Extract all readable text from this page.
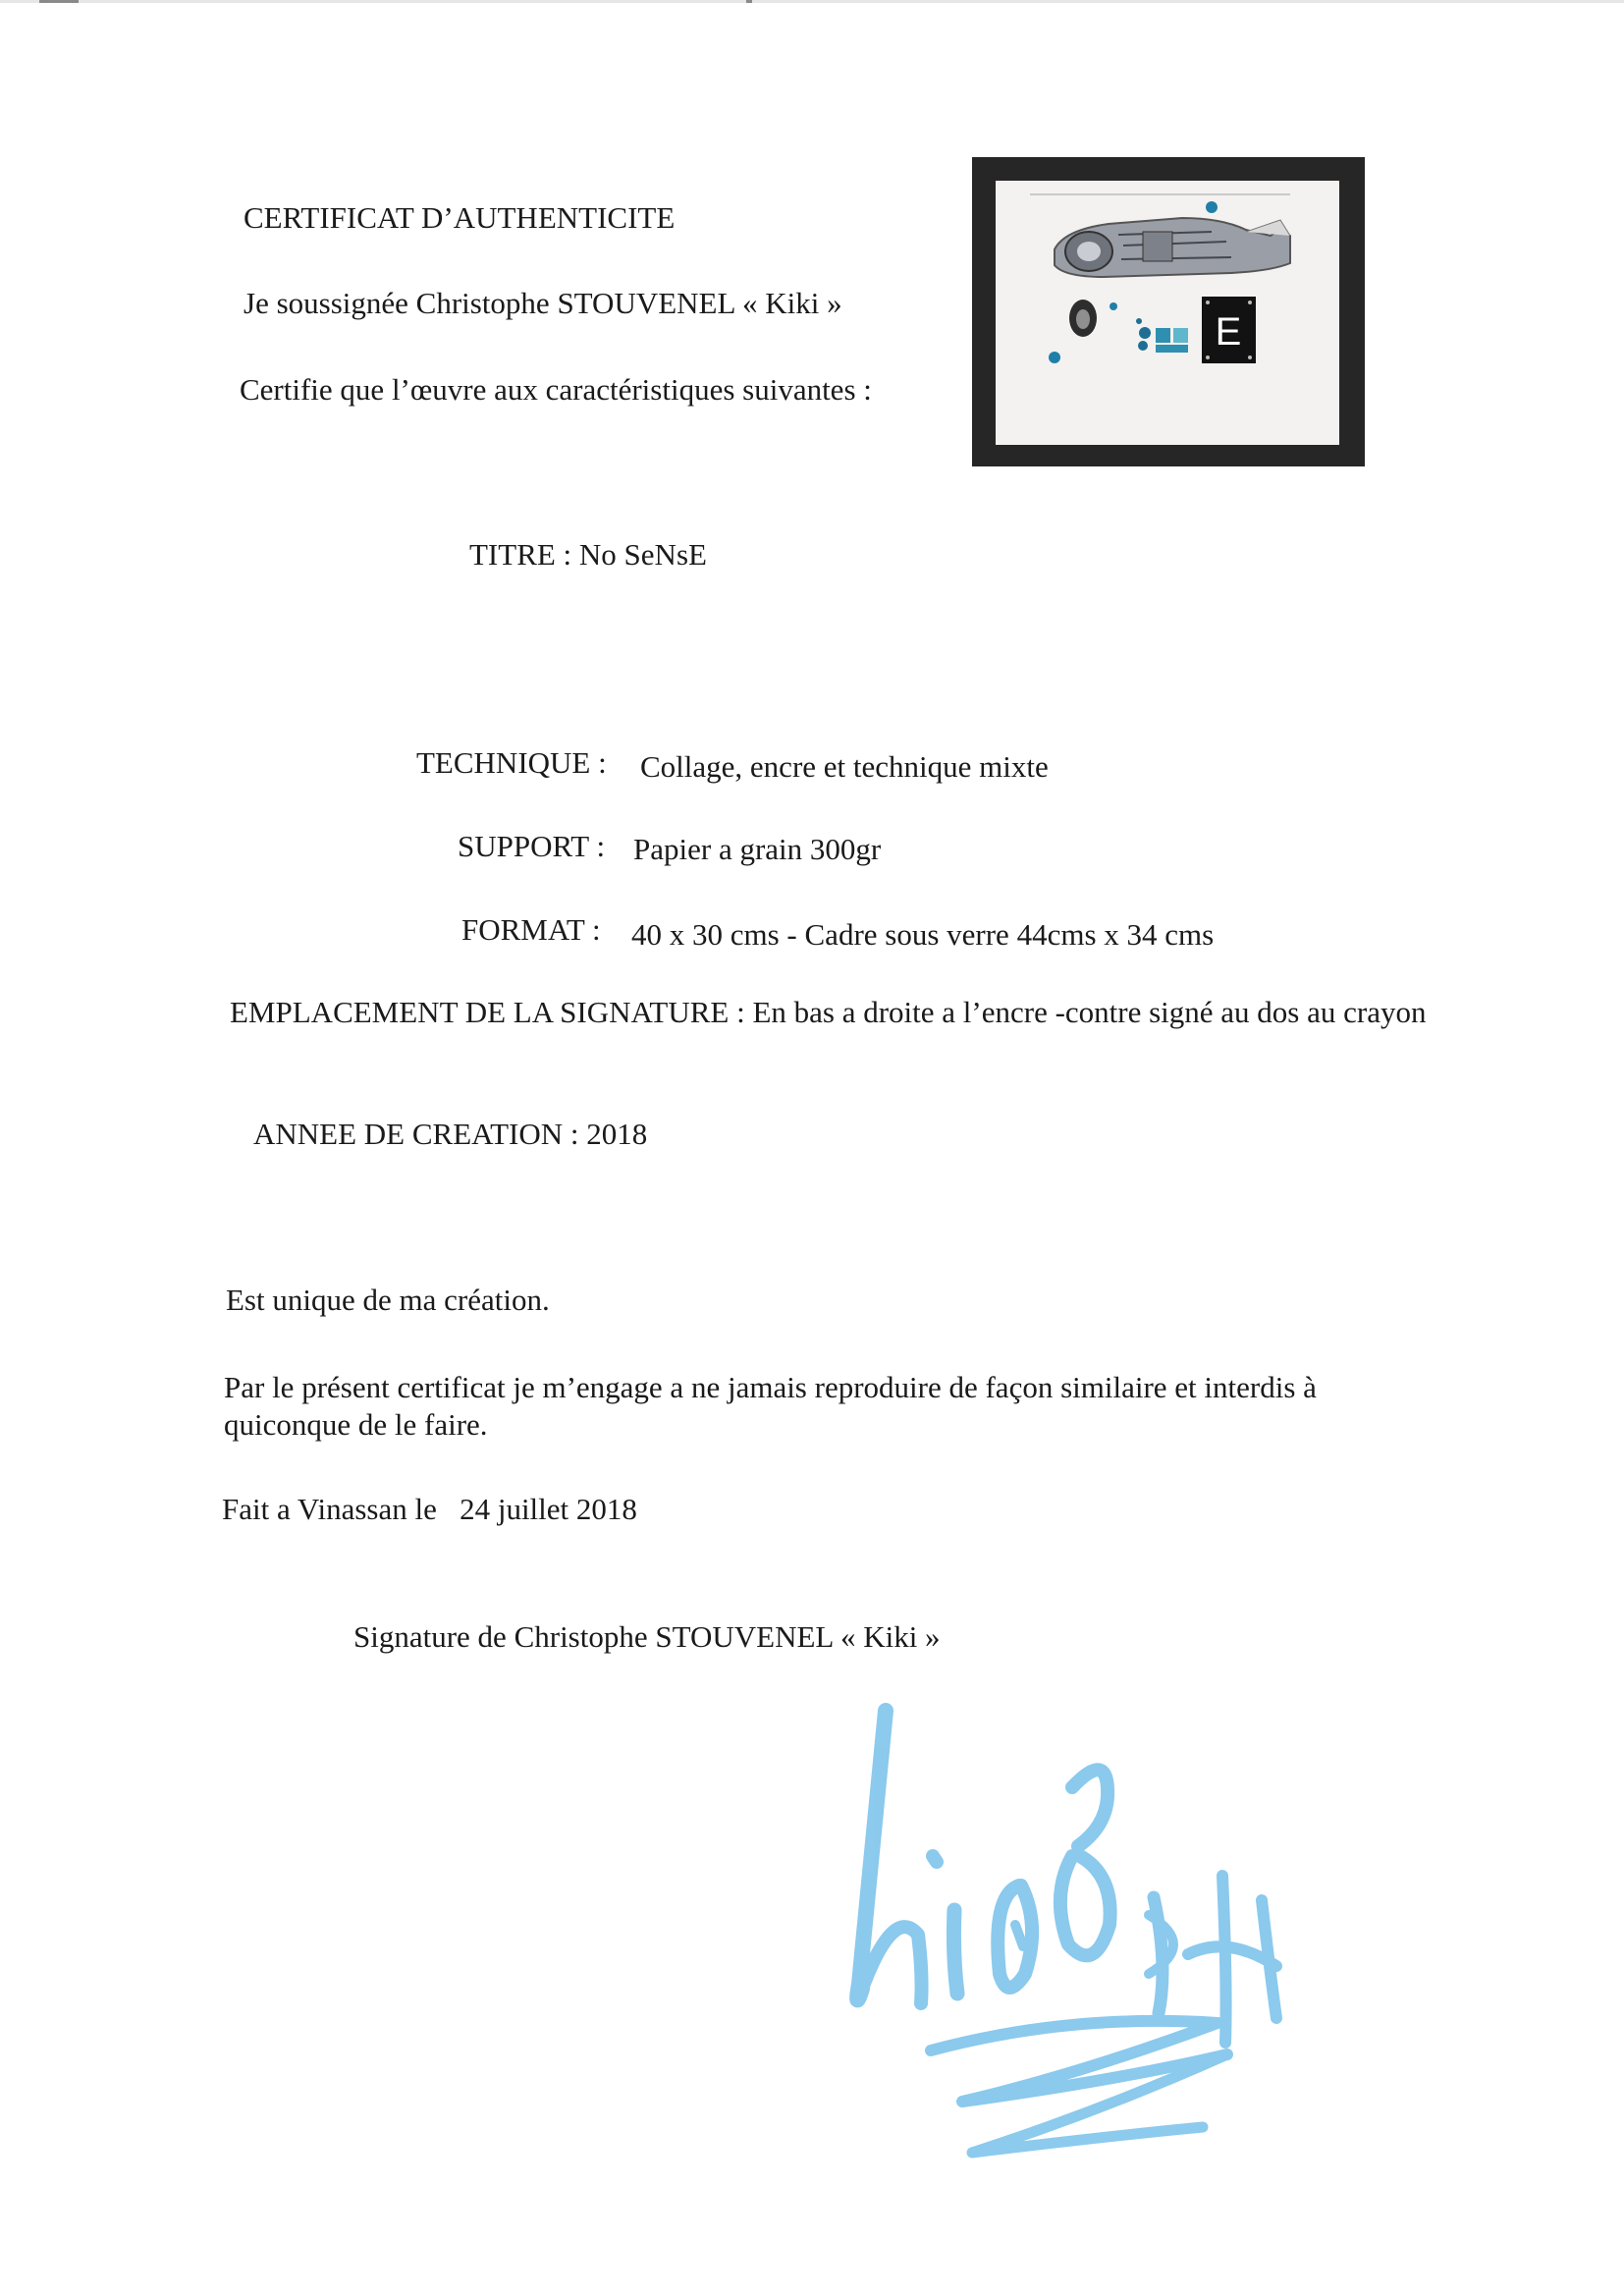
CERTIFICAT D’AUTHENTICITE
Je soussignée Christophe STOUVENEL « Kiki »
Certifie que l’œuvre aux caractéristiques suivantes :
E
TITRE : No SeNsE
TECHNIQUE : Collage, encre et technique mixte
SUPPORT : Papier a grain 300gr
FORMAT : 40 x 30 cms - Cadre sous verre 44cms x 34 cms
EMPLACEMENT DE LA SIGNATURE : En bas a droite a l’encre -contre signé au dos au crayon
ANNEE DE CREATION : 2018
Est unique de ma création.
Par le présent certificat je m’engage a ne jamais reproduire de façon similaire et interdis à quiconque de le faire.
Fait a Vinassan le   24 juillet 2018
Signature de Christophe STOUVENEL « Kiki »
